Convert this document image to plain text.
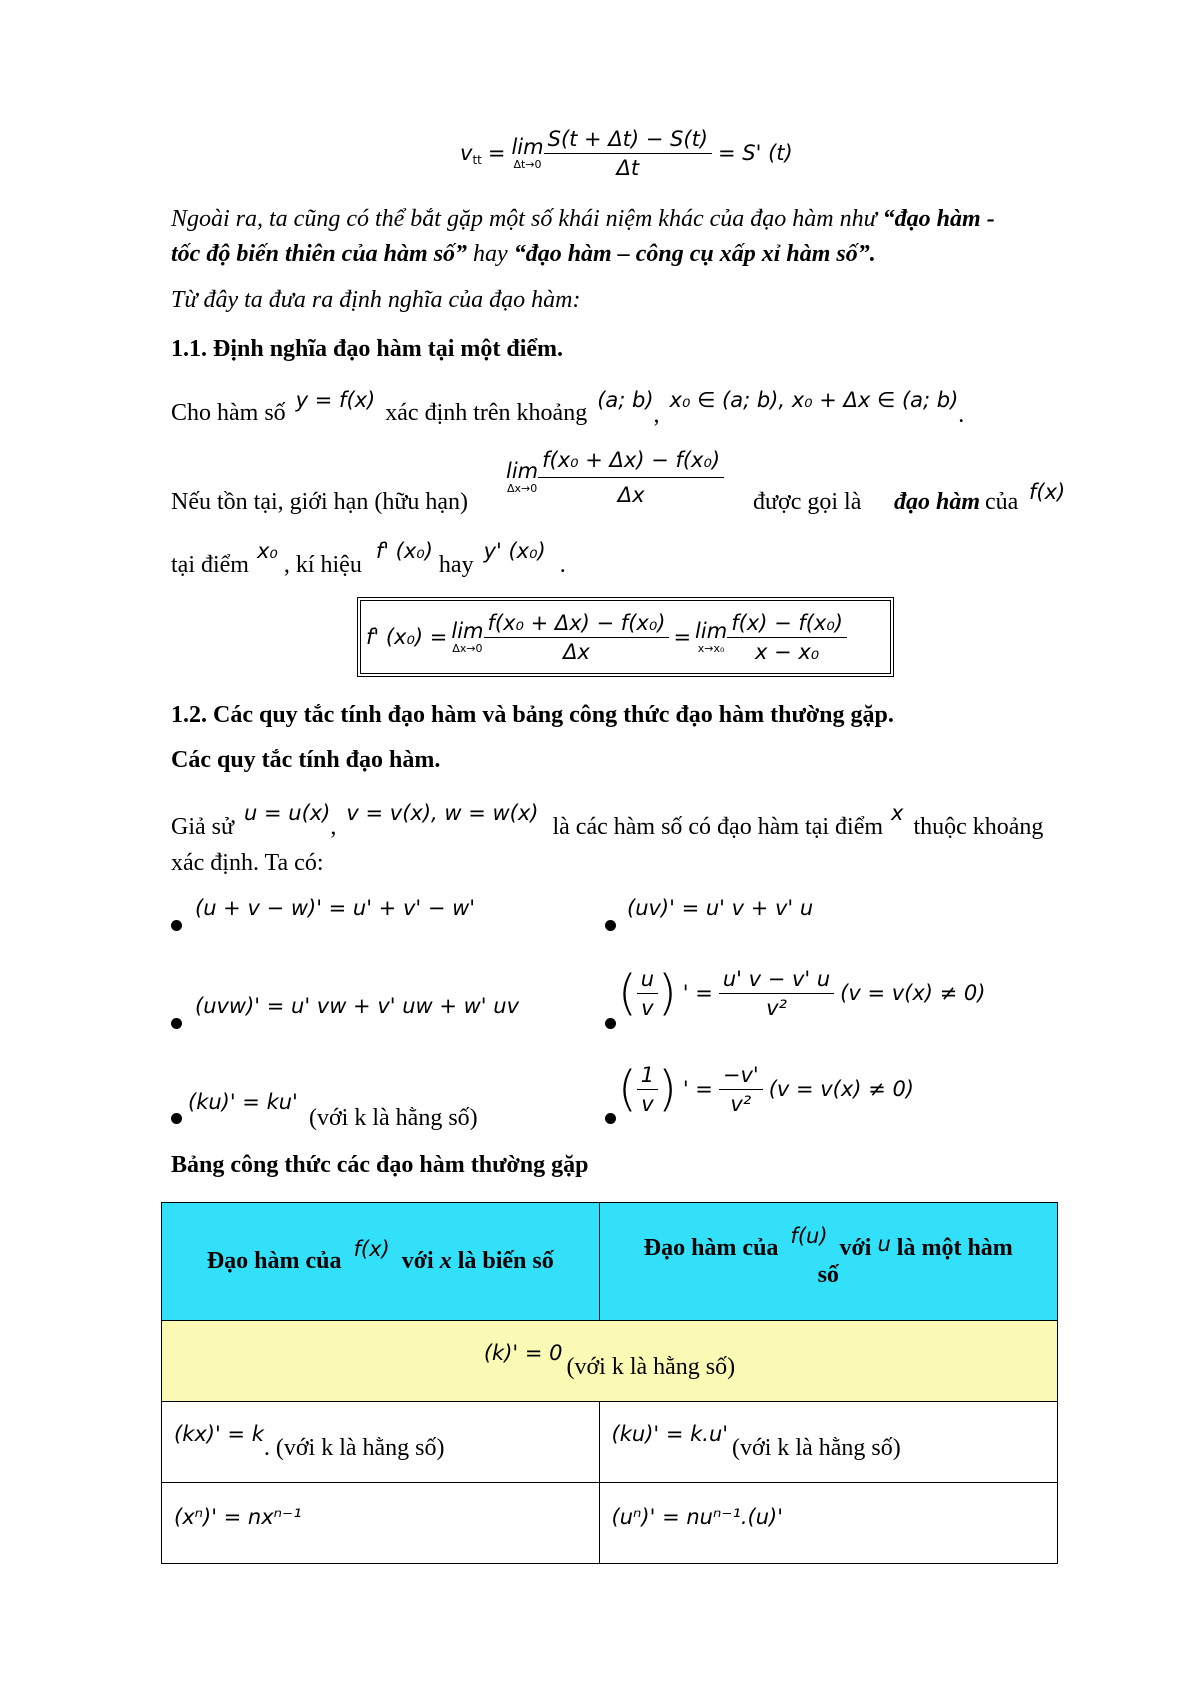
v tt = lim
$\Delta t\to 0 \frac{S(t + \Delta t) - S(t)}{\Delta t} = S'$ (t)
Ngoài ra, ta cũng có thể bắt gặp một số khái niệm khác của đạo hàm như “đạo hàm -
tốc độ biến thiên của hàm số” hay “đạo hàm – công cụ xấp xỉ hàm số”.
Từ đây ta đưa ra định nghĩa của đạo hàm:
1.1. Định nghĩa đạo hàm tại một điểm.
Cho hàm số y = f(x) xác định trên khoảng (a; b)
,
x₀ ∈ (a; b), x₀ + Δx ∈ (a; b)
.
Nếu tồn tại, giới hạn (hữu hạn)
lim
$\Delta x\to 0 \frac{\text{f(x₀ + Δx) − f(x₀)}}{\Delta x}$ được gọi là đạo hàm của f(x)
tại điểm
x₀
, kí hiệu
f' (x₀)
hay
y' (x₀)
.
f' (x₀) = lim
$\Delta x\to 0 \frac{\text{f(x₀ + Δx) − f(x₀)}}{\Delta x} = \lim$
$x\to x_0 \frac{\text{f(x) − f(x₀)}}{\text{x − x₀}}$
1.2. Các quy tắc tính đạo hàm và bảng công thức đạo hàm thường gặp.
Các quy tắc tính đạo hàm.
Giả sử
u = u(x)
,
v = v(x), w = w(x)
là các hàm số có đạo hàm tại điểm
x
thuộc khoảng
xác định. Ta có:
(u + v − w)' = u' + v' − w'
(uvw)' = u' vw + v' uw + w' uv
(ku)' = ku'
(với k là hằng số)
(uv)' = u' v + v' u
( $\frac{u}{v}$ ) ' = $\frac{u' v - v' u}{\text{v²}} (v = v(x) \ne 0)$
( $\frac{1}{v}$ ) ' = $\frac{-v'}{\text{v²}} (v = v(x) \ne 0)$
Bảng công thức các đạo hàm thường gặp
Đạo hàm của f(x) với x là biến số	Đạo hàm của f(u) với u là một hàm
số

(k)' = 0 (với k là hằng số)	
(kx)' = k. (với k là hằng số)	(ku)' = k.u' (với k là hằng số)
(xⁿ)' = nxⁿ⁻¹	(uⁿ)' = nuⁿ⁻¹.(u)'
